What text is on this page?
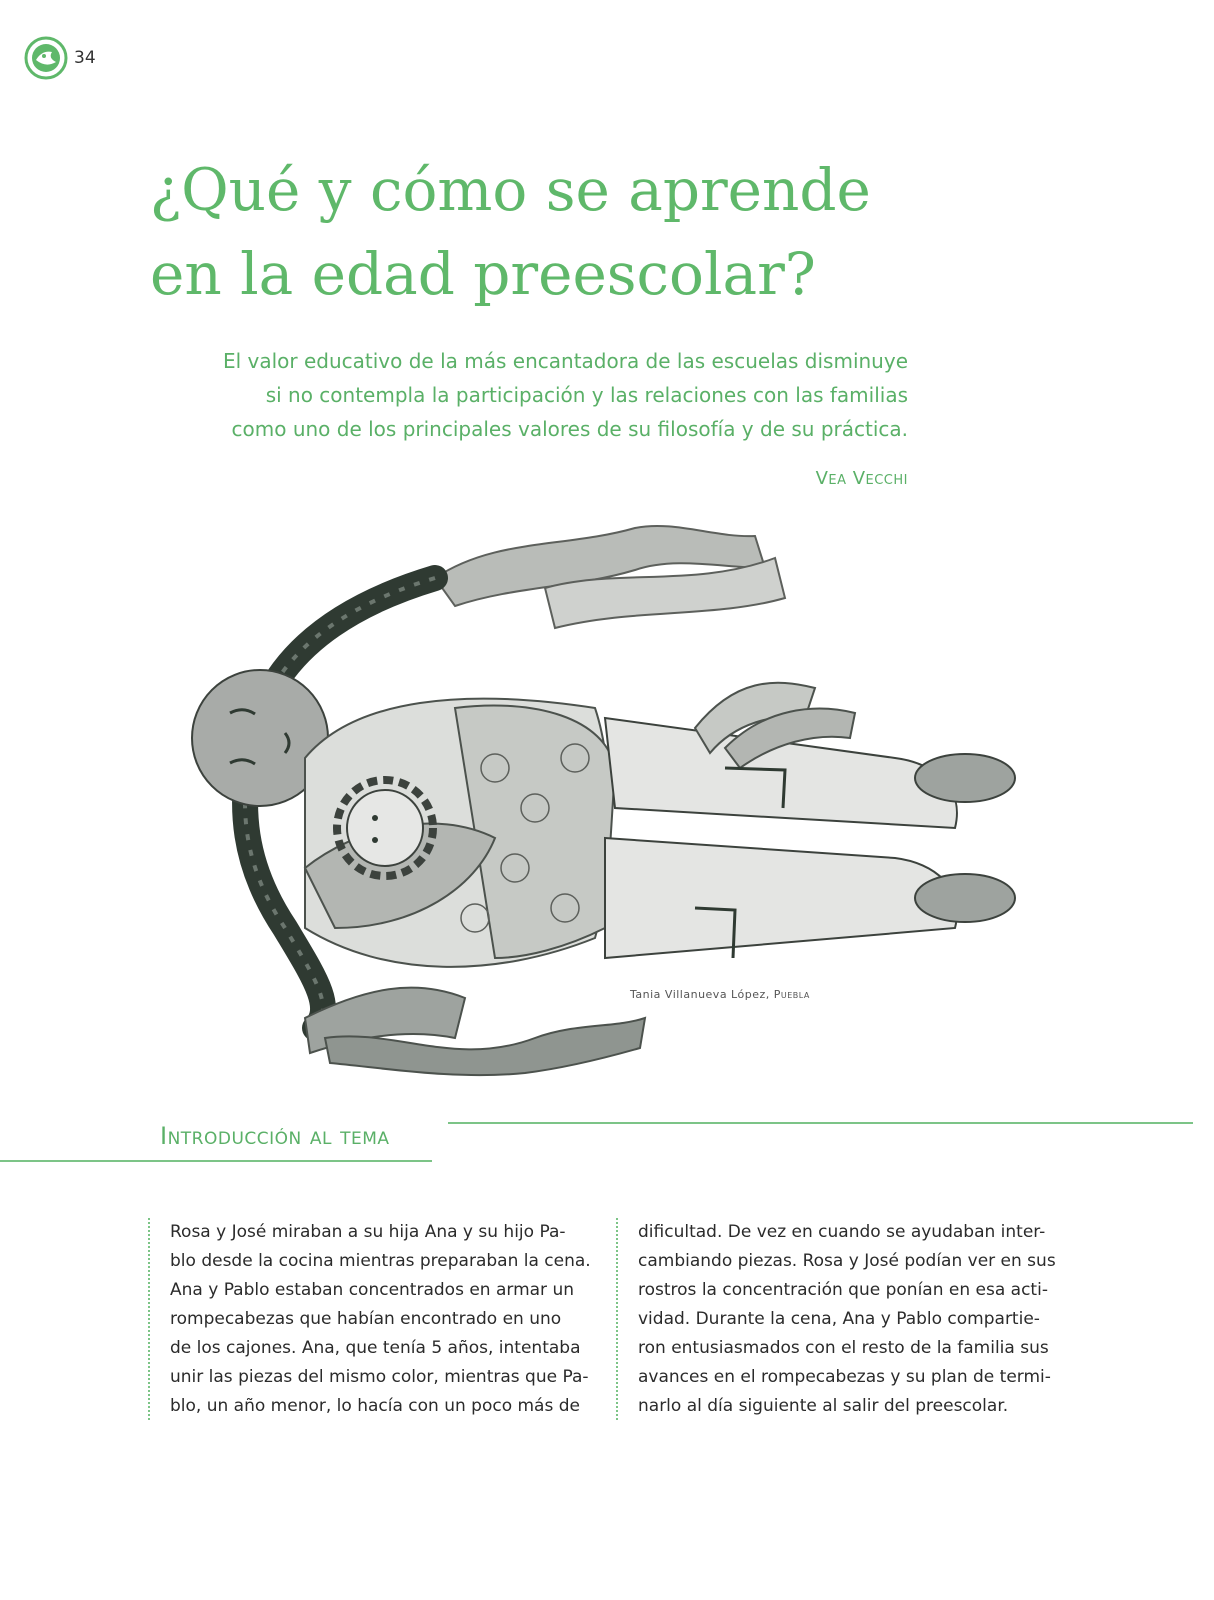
34
¿Qué y cómo se aprende
en la edad preescolar?

El valor educativo de la más encantadora de las escuelas disminuye
si no contempla la participación y las relaciones con las familias
como uno de los principales valores de su filosofía y de su práctica.

Vea Vecchi
Tania Villanueva López, Puebla
Introducción al tema

Rosa y José miraban a su hija Ana y su hijo Pa-
blo desde la cocina mientras preparaban la cena.
Ana y Pablo estaban concentrados en armar un
rompecabezas que habían encontrado en uno
de los cajones. Ana, que tenía 5 años, intentaba
unir las piezas del mismo color, mientras que Pa-
blo, un año menor, lo hacía con un poco más de

dificultad. De vez en cuando se ayudaban inter-
cambiando piezas. Rosa y José podían ver en sus
rostros la concentración que ponían en esa acti-
vidad. Durante la cena, Ana y Pablo compartie-
ron entusiasmados con el resto de la familia sus
avances en el rompecabezas y su plan de termi-
narlo al día siguiente al salir del preescolar.
